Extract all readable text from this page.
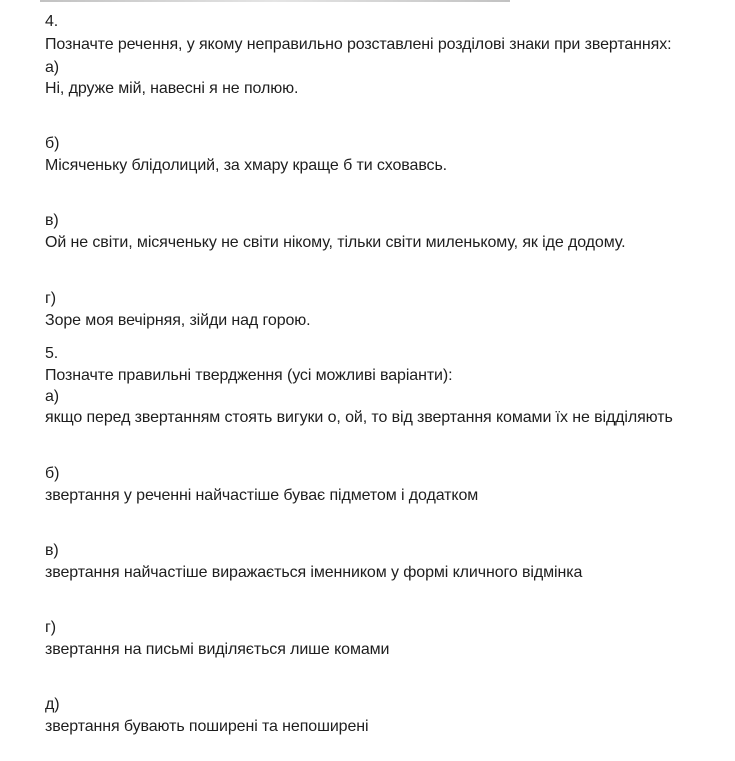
4.
Позначте речення, у якому неправильно розставлені розділові знаки при звертаннях:
а)
Ні, друже мій, навесні я не полюю.
б)
Місяченьку блідолиций, за хмару краще б ти сховавсь.
в)
Ой не світи, місяченьку не світи нікому, тільки світи миленькому, як іде додому.
г)
Зоре моя вечірняя, зійди над горою.
5.
Позначте правильні твердження (усі можливі варіанти):
а)
якщо перед звертанням стоять вигуки о, ой, то від звертання комами їх не відділяють
б)
звертання у реченні найчастіше буває підметом і додатком
в)
звертання найчастіше виражається іменником у формі кличного відмінка
г)
звертання на письмі виділяється лише комами
д)
звертання бувають поширені та непоширені
